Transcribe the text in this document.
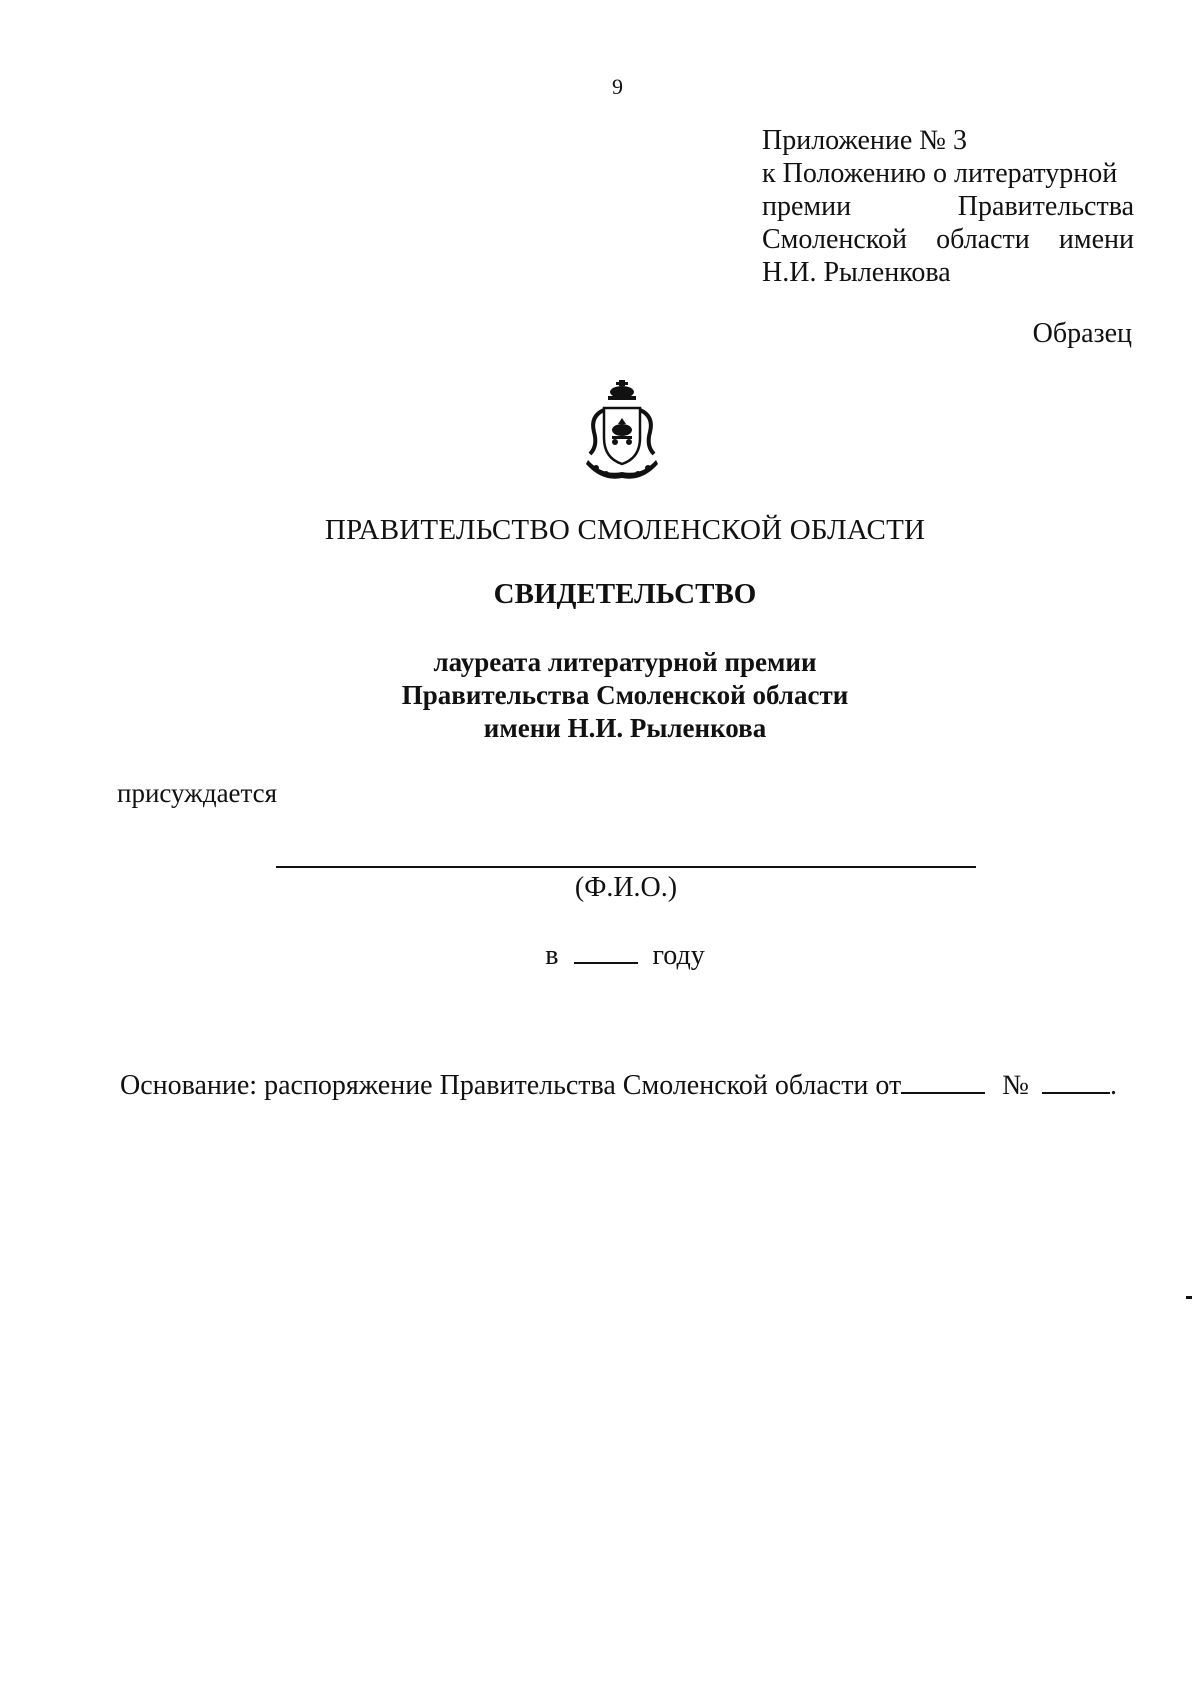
9
Приложение № 3
к Положению о литературной
премии	Правительства
Смоленской области имени
Н.И. Рыленкова
Образец
ПРАВИТЕЛЬСТВО СМОЛЕНСКОЙ ОБЛАСТИ
СВИДЕТЕЛЬСТВО
лауреата литературной премии
Правительства Смоленской области
имени Н.И. Рыленкова
присуждается
(Ф.И.О.)
в	году
Основание: распоряжение Правительства Смоленской области от	№	.
